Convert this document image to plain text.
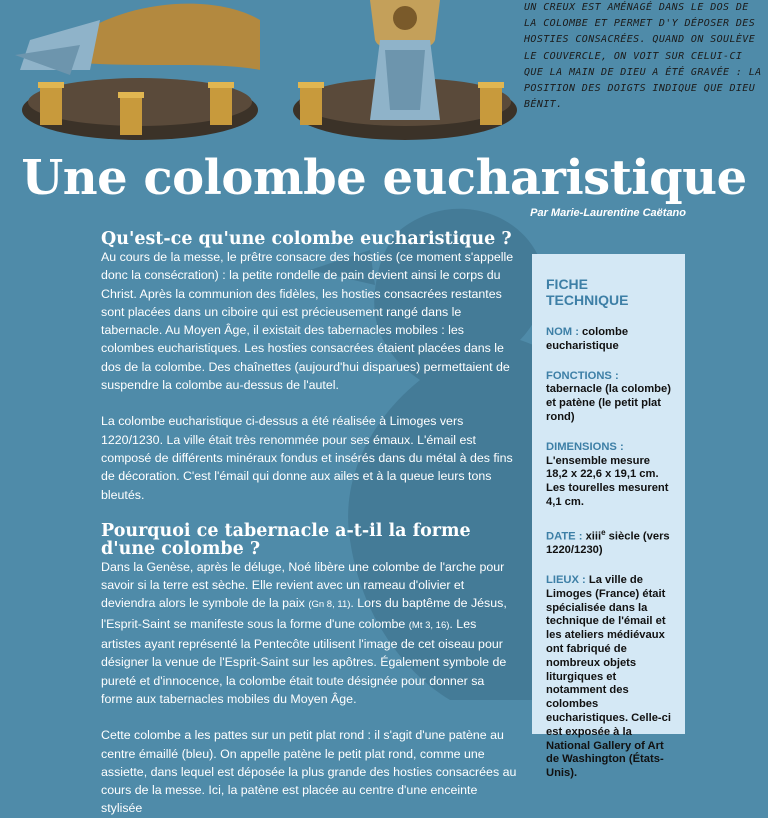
UN CREUX EST AMÉNAGÉ DANS LE DOS DE LA COLOMBE ET PERMET D'Y DÉPOSER DES HOSTIES CONSACRÉES. QUAND ON SOULÈVE LE COUVERCLE, ON VOIT SUR CELUI-CI QUE LA MAIN DE DIEU A ÉTÉ GRAVÉE : LA POSITION DES DOIGTS INDIQUE QUE DIEU BÉNIT.
Une colombe eucharistique
Par Marie-Laurentine Caëtano
Qu'est-ce qu'une colombe eucharistique ?

Au cours de la messe, le prêtre consacre des hosties (ce moment s'appelle donc la consécration) : la petite rondelle de pain devient ainsi le corps du Christ. Après la communion des fidèles, les hosties consacrées restantes sont placées dans un ciboire qui est précieusement rangé dans le tabernacle. Au Moyen Âge, il existait des tabernacles mobiles : les colombes eucharistiques. Les hosties consacrées étaient placées dans le dos de la colombe. Des chaînettes (aujourd'hui disparues) permettaient de suspendre la colombe au-dessus de l'autel.

La colombe eucharistique ci-dessus a été réalisée à Limoges vers 1220/1230. La ville était très renommée pour ses émaux. L'émail est composé de différents minéraux fondus et insérés dans du métal à des fins de décoration. C'est l'émail qui donne aux ailes et à la queue leurs tons bleutés.

Pourquoi ce tabernacle a-t-il la forme d'une colombe ?

Dans la Genèse, après le déluge, Noé libère une colombe de l'arche pour savoir si la terre est sèche. Elle revient avec un rameau d'olivier et deviendra alors le symbole de la paix (Gn 8, 11). Lors du baptême de Jésus, l'Esprit-Saint se manifeste sous la forme d'une colombe (Mt 3, 16). Les artistes ayant représenté la Pentecôte utilisent l'image de cet oiseau pour désigner la venue de l'Esprit-Saint sur les apôtres. Également symbole de pureté et d'innocence, la colombe était toute désignée pour donner sa forme aux tabernacles mobiles du Moyen Âge.

Cette colombe a les pattes sur un petit plat rond : il s'agit d'une patène au centre émaillé (bleu). On appelle patène le petit plat rond, comme une assiette, dans lequel est déposée la plus grande des hosties consacrées au cours de la messe. Ici, la patène est placée au centre d'une enceinte stylisée

FICHE TECHNIQUE
NOM : colombe eucharistique
FONCTIONS :
tabernacle (la colombe) et patène (le petit plat rond)
DIMENSIONS :
L'ensemble mesure 18,2 x 22,6 x 19,1 cm. Les tourelles mesurent 4,1 cm.
DATE : xiii$^e$ siècle (vers 1220/1230)
LIEUX : La ville de Limoges (France) était spécialisée dans la technique de l'émail et les ateliers médiévaux ont fabriqué de nombreux objets liturgiques et notamment des colombes eucharistiques. Celle-ci est exposée à la National Gallery of Art de Washington (États-Unis).
